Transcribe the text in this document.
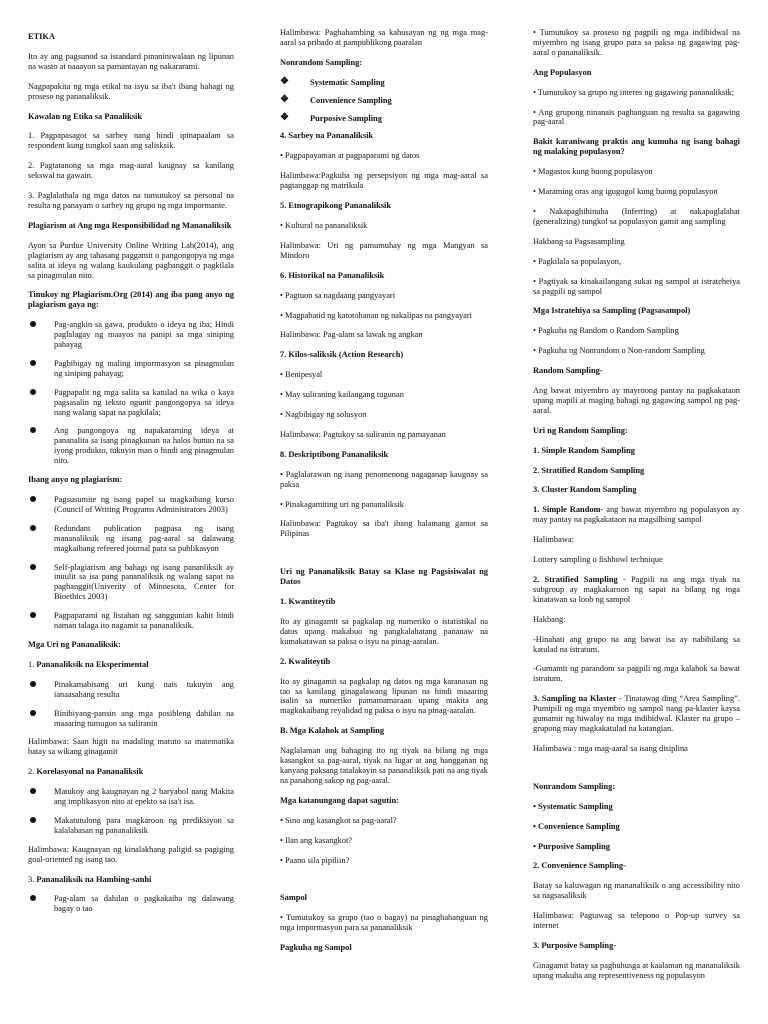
ETIKA

Ito ay ang pagsunod sa istandard pinaniniwalaan ng lipunan na wasto at naaayon sa pamantayan ng nakararami.

Nagpapakita ng mga etikal na isyu sa iba't ibang bahagi ng proseso ng pananaliksik.

Kawalan ng Etika sa Panaliksik

1. Pagpapasagot sa sarbey nang hindi ipinapaalam sa respondent kung tungkol saan ang salisksik.

2. Pagtatanong sa mga mag-aaral kaugnay sa kanilang sekswal na gawain.

3. Paglalathala ng mga datos na tumutukoy sa personal na resulta ng panayam o sarbey ng grupo ng mga impormante.

Plagiarism at Ang mga Responsibilidad ng Mananaliksik

Ayon sa Purdue University Online Writing Lab(2014), ang plagiarism ay ang tahasang paggamit o pangongopya ng mga salita at ideya ng walang kaukulang pagbanggit o pagkilala sa pinagmulan nito.

Tinukoy ng Plagiarism.Org (2014) ang iba pang anyo ng plagiarism gaya ng:

Pag-angkin sa gawa, produkto o ideya ng iba; Hindi paglalagay ng maayos na panipi sa mga siniping pahayag
Pagbibigay ng maling impormasyon sa pinagmulan ng siniping pahayag;
Pagpapalit ng mga salita sa katulad na wika o kaya pagsasalin ng teksto ngunit pangongopya sa ideya nang walang sapat na pagkilala;
Ang pangongoya ng napakaraming ideya at pananalita sa isang pinagkunan na halos bunuo na sa iyong produkto, tukuyin man o hindi ang pinagmulan nito.

Ibang anyo ng plagiarism:

Pagsusumite ng isang papel sa magkaibang kurso (Council of Writing Programs Administrators 2003)
Redundant publication pagpasa ng isang mananaliksik ng iisang pag-aaral sa dalawang magkaibang refeered journal para sa publikasyon
Self-plagiarism ang bahagi ng isang pananliksik ay inuulit sa isa pang pananaliksik ng walang sapat na pagbanggit(Univerity of Minnesota, Center for Bioethics 2003)
Pagpaparami ng listahan ng sanggunian kahit hindi naman talaga ito nagamit sa pananaliksik.

Mga Uri ng Pananaliksik:

1. Pananaliksik na Eksperimental

Pinakamabisang uri kung nais tukuyin ang ianaasahang resulta
Binibiyang-pansin ang mga posibleng dahilan na maaaring tumugon sa suliranin

Halimbawa: Saan higit na madaling matuto sa matematika batay sa wikang ginagamit

2. Korelasyonal na Pananaliksik

Matukoy ang kaugnayan ng 2 baryabol nang Makita ang implikasyon nito at epekto sa isa't isa.
Makatutulong para magkaroon ng prediksiyon sa kalalabasan ng pananaliksik

Halimbawa: Kaugnayan ng kinalakhang paligid sa pagiging goal-oriented ng isang tao.

3. Pananaliksik na Hambing-sanhi

Pag-alam sa dahilan o pagkakaiba ng dalawang bagay o tao

Halimbawa: Paghahambing sa kahusayan ng ng mga mag-aaral sa pribado at pampublikong paaralan

Nonrandom Sampling:

❖	Systematic Sampling
❖	Convenience Sampling
❖	Purposive Sampling

4. Sarbey na Pananaliksik

• Pagpapayaman at pagpaparami ng datos

Halimbawa:Pagkuha ng persepsiyon ng mga mag-aaral sa pagtanggap ng matrikula

5. Etnograpikong Pananaliksik

• Kultural na pananaliksik

Halimbawa: Uri ng pamumuhay ng mga Mangyan sa Mindoro

6. Historikal na Pananaliksik

• Pagtuon sa nagdaang pangyayari

• Magpabatid ng katotohanan ng nakalipas na pangyayari

Halimbawa: Pag-alam sa lawak ng angkan

7. Kilos-saliksik (Action Research)

• Benipesyal

• May suliraning kailangang tugunan

• Nagbibigay ng solusyon

Halimbawa: Pagtukoy sa suliranin ng pamayanan

8. Deskriptibong Pananaliksik

• Paglalarawan ng isang penomenong nagaganap kaugnay sa paksa

• Pinakagamiting uri ng pananaliksik

Halimbawa: Pagtukoy sa iba't ibang halamang gamot sa Pilipinas

Uri ng Pananaliksik Batay sa Klase ng Pagsisiwalat ng Datos

1. Kwantiteytib

Ito ay ginagamit sa pagkalap ng numeriko o istatistikal na datos upang makabuo ng pangkalahatang pananaw na kumakatawan sa paksa o isyu na pinag-aaralan.

2. Kwaliteytib

Ito ay ginagamit sa pagkalap ng datos ng mga karanasan ng tao sa kanilang ginagalawang lipunan na hindi maaaring isalin sa numeriko pamamamaraan upang makita ang magkakaibang reyalidad ng paksa o isyu na pinag-aaralan.

B. Mga Kalahok at Sampling

Naglalaman ang bahaging ito ng tiyak na bilang ng mga kasangkot sa pag-aaral, tiyak na lugar at ang hangganan ng kanyang paksang tatalakayin sa pananaliksik pati na ang tiyak na panahong sakop ng pag-aaral.

Mga katanungang dapat sagutin:

• Sino ang kasangkot sa pag-aaral?

• Ilan ang kasangkot?

• Paano sila pipiliin?

Sampol

• Tumutukoy sa grupo (tao o bagay) na pinaghahanguan ng mga impormasyon para sa pananaliksik

Pagkuha ng Sampol

• Tumutukoy sa proseso ng pagpili ng mga indibidwal na miyembro ng isang grupo para sa paksa ng gagawing pag-aaral o pananaliksik.

Ang Populasyon

• Tumutukoy sa grupo ng interes ng gagawing pananaliksik;

• Ang grupong ninanais paghanguan ng resulta sa gagawing pag-aaral

Bakit karaniwang praktis ang kumuha ng isang bahagi ng malaking populasyon?

• Magastos kung buong populasyon

• Maraming oras ang igugugol kung buong populasyon

• Nakapaghihinuha (Inferring) at nakapaglalahat (generalizing) tungkol sa populasyon gamit ang sampling

Hakbang sa Pagsasampling

• Pagkilala sa populasyon,

• Pagtiyak sa kinakailangang sukat ng sampol at istrateheiya sa pagpili ng sampol

Mga Istratehiya sa Sampling (Pagsasampol)

• Pagkuha ng Random o Random Sampling

• Pagkuha ng Nonrandom o Non-random Sampling

Random Sampling-

Ang bawat miyembro ay mayroong pantay na pagkakataon upang mapili at maging bahagi ng gagawing sampol ng pag-aaral.

Uri ng Random Sampling:

1. Simple Random Sampling

2. Stratified Random Sampling

3. Cluster Random Sampling

1. Simple Random- ang bawat myembro ng populasyon ay may pantay na pagkakataon na magsilbing sampol

Halimbawa:

Lottery sampling o fishbowl technique

2. Stratified Sampling - Pagpili na ang mga tiyak na subgroup ay magkakaroon ng sapat na bilang ng mga kinatawan sa loob ng sampol

Hakbang:

-Hinahati ang grupo na ang bawat isa ay nabibilang sa katulad na istratum.

-Gumamit ng parandom sa pagpili ng mga kalahok sa bawat istratum.

3. Sampling na Klaster - Tinatawag ding “Area Sampling”. Pumipili ng mga myembro ng sampol nang pa-klaster kaysa gumamit ng hiwalay na mga indibidwal. Klaster na grupo – grupong may magkakatulad na katangian.

Halimbawa : mga mag-aaral sa isang disiplina

Nonrandom Sampling:

• Systematic Sampling

• Convenience Sampling

• Purposive Sampling

2. Convenience Sampling-

Batay sa kaluwagan ng mananaliksik o ang accessibility nito sa nagsasaliksik

Halimbawa: Pagtawag sa telepono o Pop-up survey sa internet

3. Purposive Sampling-

Ginagamit batay sa paghuhusga at kaalaman ng mananaliksik upang makuha ang representiveness ng populasyon
